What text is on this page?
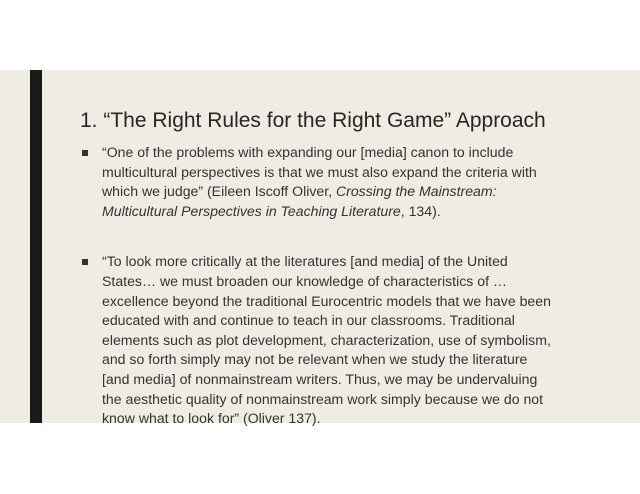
1. “The Right Rules for the Right Game” Approach
“One of the problems with expanding our [media] canon to include multicultural perspectives is that we must also expand the criteria with which we judge” (Eileen Iscoff Oliver, Crossing the Mainstream: Multicultural Perspectives in Teaching Literature, 134).
“To look more critically at the literatures [and media] of the United States… we must broaden our knowledge of characteristics of … excellence beyond the traditional Eurocentric models that we have been educated with and continue to teach in our classrooms. Traditional elements such as plot development, characterization, use of symbolism, and so forth simply may not be relevant when we study the literature [and media] of nonmainstream writers. Thus, we may be undervaluing the aesthetic quality of nonmainstream work simply because we do not know what to look for” (Oliver 137).
